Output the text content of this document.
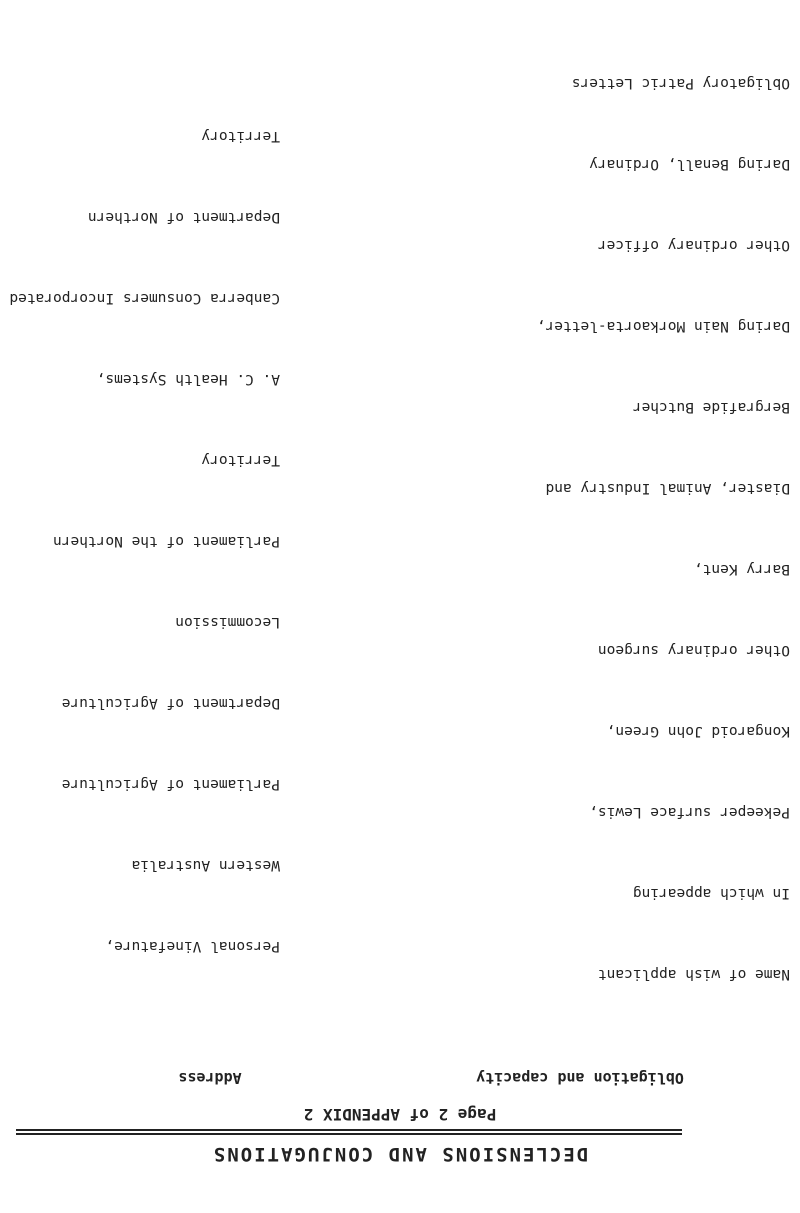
DECLENSIONS AND CONJUGATIONS
Page 2 of APPENDIX 2
Obligation and capacity
Address

Name of wish applicant

In which appearing

Pekeeper surface Lewis,

Kongaroid John Green,

Other ordinary surgeon

Barry Kent,

Diaster, Animal Industry and

Bergrafide Butcher

Daring Nain Morkaorta-letter,

Other ordinary officer

Daring Benall, Ordinary

Obligatory Patric Letters

Personal Vinefature,

Western Australia

Parliament of Agriculture

Department of Agriculture

Lecommission

Parliament of the Northern

Territory

A. C. Health Systems,

Canberra Consumers Incorporated

Department of Northern

Territory
